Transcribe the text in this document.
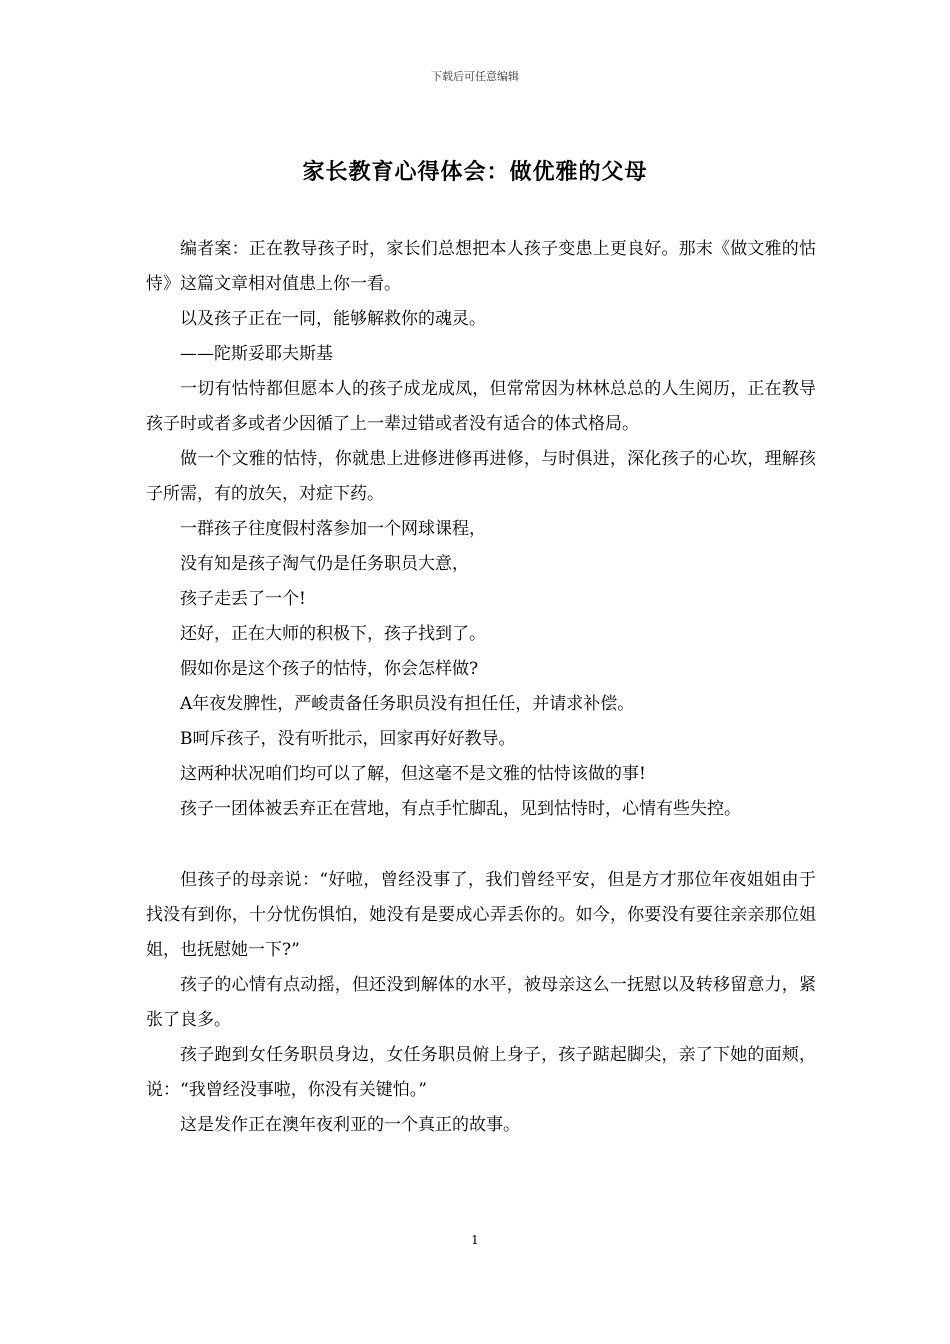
下载后可任意编辑
家长教育心得体会：做优雅的父母

编者案：正在教导孩子时，家长们总想把本人孩子变患上更良好。那末《做文雅的怙恃》这篇文章相对值患上你一看。

以及孩子正在一同，能够解救你的魂灵。

——陀斯妥耶夫斯基

一切有怙恃都但愿本人的孩子成龙成凤，但常常因为林林总总的人生阅历，正在教导孩子时或者多或者少因循了上一辈过错或者没有适合的体式格局。

做一个文雅的怙恃，你就患上进修进修再进修，与时俱进，深化孩子的心坎，理解孩子所需，有的放矢，对症下药。

一群孩子往度假村落参加一个网球课程，

没有知是孩子淘气仍是任务职员大意，

孩子走丢了一个!

还好，正在大师的积极下，孩子找到了。

假如你是这个孩子的怙恃，你会怎样做?

A年夜发脾性，严峻责备任务职员没有担任任，并请求补偿。

B呵斥孩子，没有听批示，回家再好好教导。

这两种状况咱们均可以了解，但这毫不是文雅的怙恃该做的事!

孩子一团体被丢弃正在营地，有点手忙脚乱，见到怙恃时，心情有些失控。

但孩子的母亲说：“好啦，曾经没事了，我们曾经平安，但是方才那位年夜姐姐由于找没有到你，十分忧伤惧怕，她没有是要成心弄丢你的。如今，你要没有要往亲亲那位姐姐，也抚慰她一下?”

孩子的心情有点动摇，但还没到解体的水平，被母亲这么一抚慰以及转移留意力，紧张了良多。

孩子跑到女任务职员身边，女任务职员俯上身子，孩子踮起脚尖，亲了下她的面颊，说：“我曾经没事啦，你没有关键怕。”

这是发作正在澳年夜利亚的一个真正的故事。

1
